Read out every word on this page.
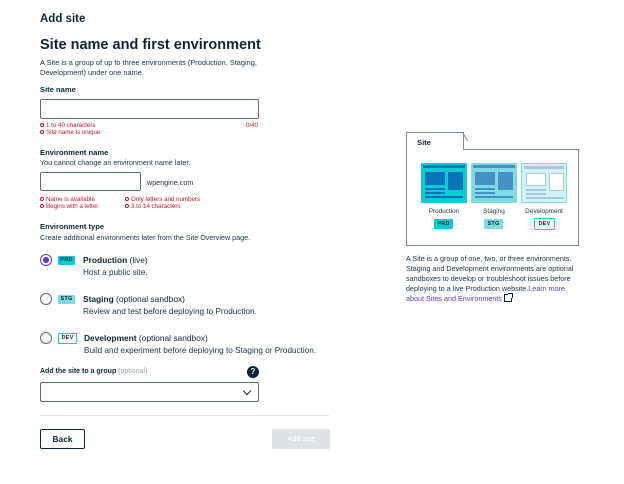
Add site
Site name and first environment
A Site is a group of up to three environments (Production, Staging, Development) under one name.
Site name
1 to 40 characters
Site name is unique
0/40
Environment name
You cannot change an environment name later.
.wpengine.com
Name is available
Begins with a letter
Only letters and numbers
3 to 14 characters
Environment type
Create additional environments later from the Site Overview page.
PRD Production (live)
Host a public site.
STG Staging (optional sandbox)
Review and test before deploying to Production.
DEV	Development (optional sandbox)
Build and experiment before deploying to Staging or Production.
Add the site to a group (optional)	?
Back	Add site
Site
Production	Staging	Development
PRD	STG	DEV
A Site is a group of one, two, or three environments. Staging and Development environments are optional sandboxes to develop or troubleshoot issues before deploying to a live Production website.Learn more about Sites and Environments
